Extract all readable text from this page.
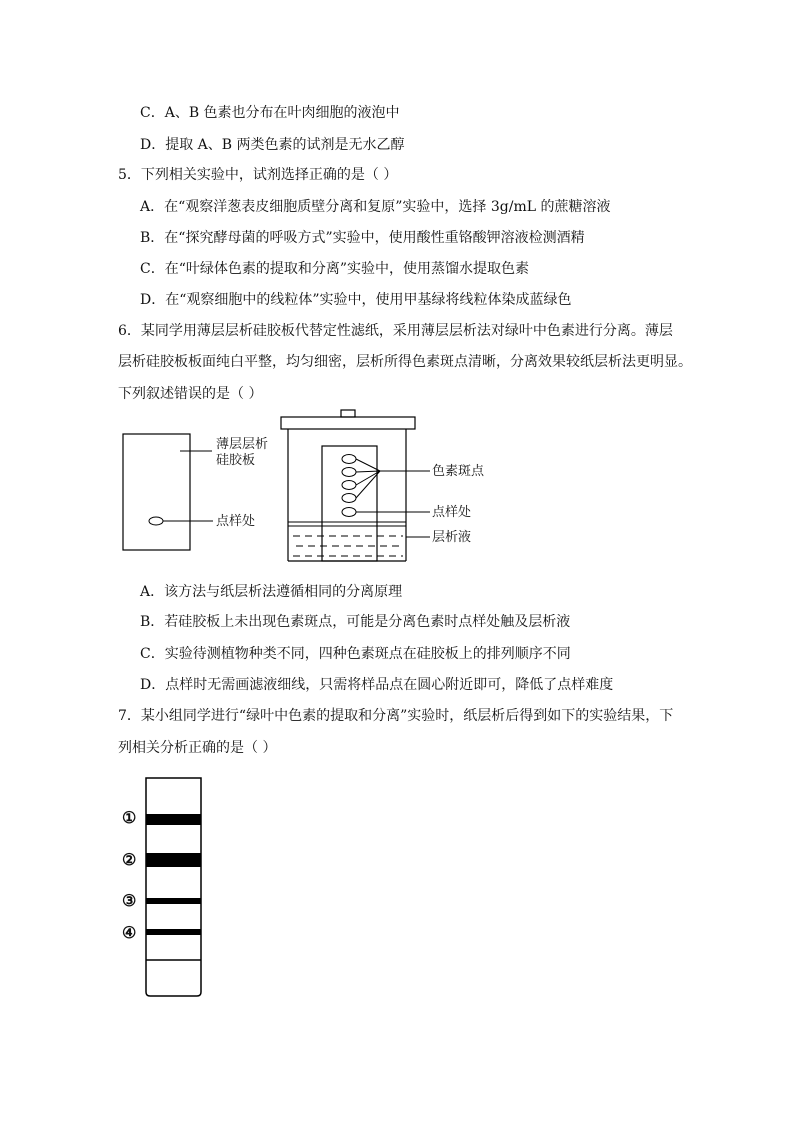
C．A、B 色素也分布在叶肉细胞的液泡中
D．提取 A、B 两类色素的试剂是无水乙醇
5．下列相关实验中，试剂选择正确的是（ ）
A．在“观察洋葱表皮细胞质壁分离和复原”实验中，选择 3g/mL 的蔗糖溶液
B．在“探究酵母菌的呼吸方式”实验中，使用酸性重铬酸钾溶液检测酒精
C．在“叶绿体色素的提取和分离”实验中，使用蒸馏水提取色素
D．在“观察细胞中的线粒体”实验中，使用甲基绿将线粒体染成蓝绿色
6．某同学用薄层层析硅胶板代替定性滤纸，采用薄层层析法对绿叶中色素进行分离。薄层
层析硅胶板板面纯白平整，均匀细密，层析所得色素斑点清晰，分离效果较纸层析法更明显。
下列叙述错误的是（ ）
薄层层析
硅胶板
点样处
色素斑点
点样处
层析液
A．该方法与纸层析法遵循相同的分离原理
B．若硅胶板上未出现色素斑点，可能是分离色素时点样处触及层析液
C．实验待测植物种类不同，四种色素斑点在硅胶板上的排列顺序不同
D．点样时无需画滤液细线，只需将样品点在圆心附近即可，降低了点样难度
7．某小组同学进行“绿叶中色素的提取和分离”实验时，纸层析后得到如下的实验结果，下
列相关分析正确的是（ ）
①
②
③
④
